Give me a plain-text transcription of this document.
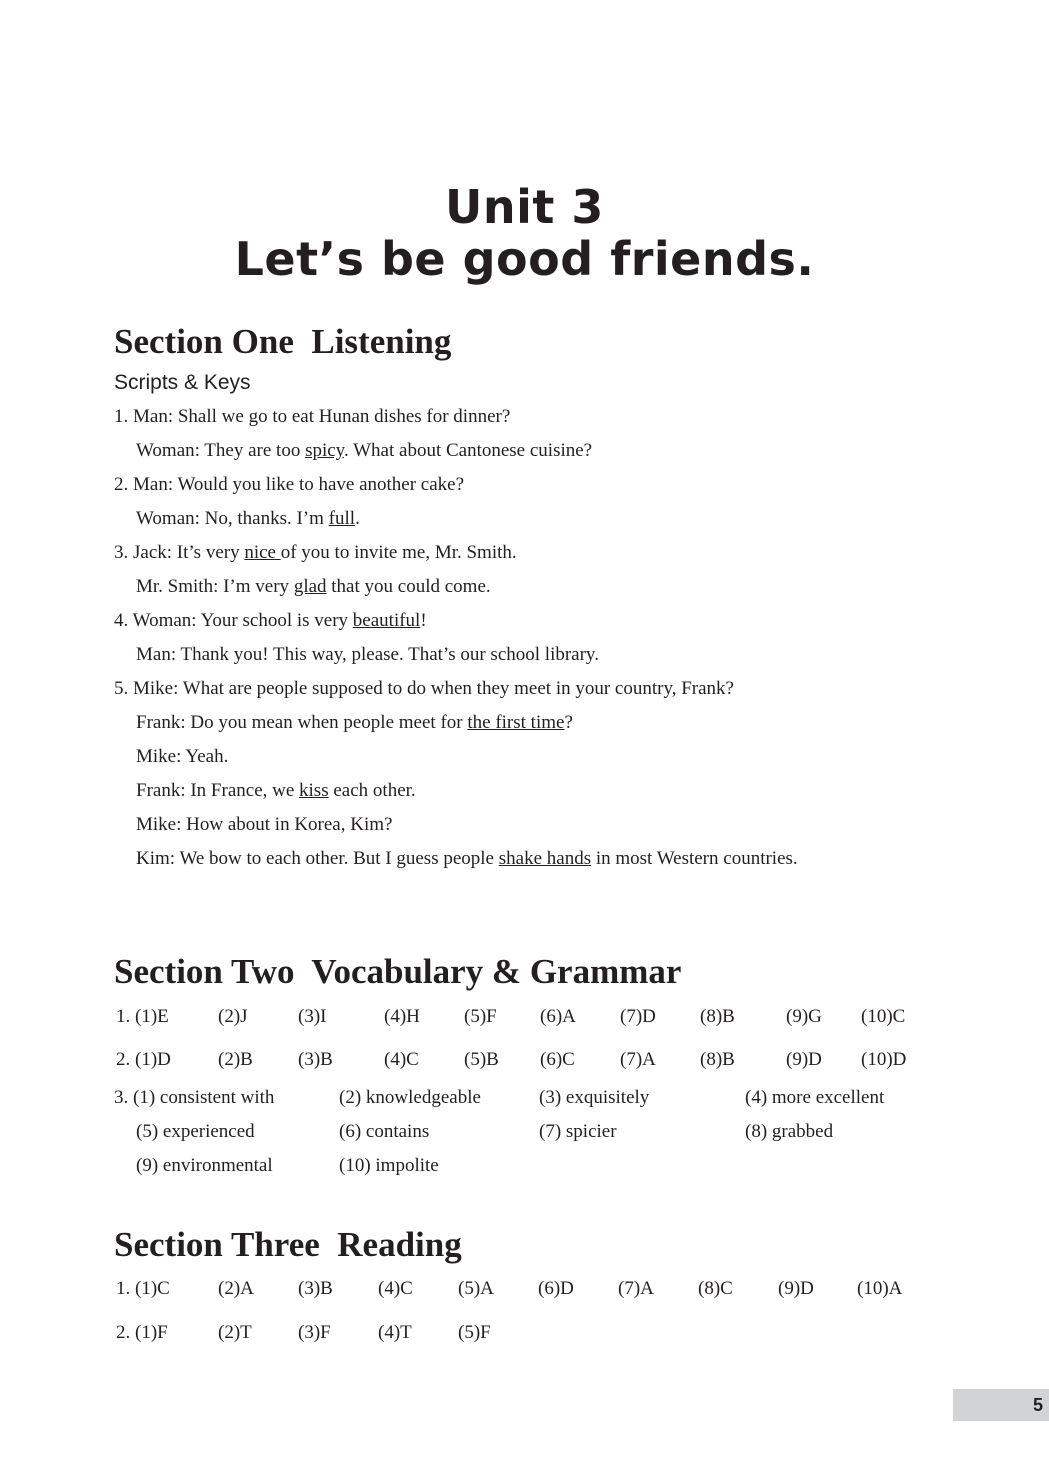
Unit 3
Let’s be good friends.
Section One  Listening
Scripts & Keys
1. Man: Shall we go to eat Hunan dishes for dinner?
Woman: They are too spicy. What about Cantonese cuisine?
2. Man: Would you like to have another cake?
Woman: No, thanks. I’m full.
3. Jack: It’s very nice of you to invite me, Mr. Smith.
Mr. Smith: I’m very glad that you could come.
4. Woman: Your school is very beautiful!
Man: Thank you! This way, please. That’s our school library.
5. Mike: What are people supposed to do when they meet in your country, Frank?
Frank: Do you mean when people meet for the first time?
Mike: Yeah.
Frank: In France, we kiss each other.
Mike: How about in Korea, Kim?
Kim: We bow to each other. But I guess people shake hands in most Western countries.
Section Two  Vocabulary & Grammar
1. (1)E	(2)J	(3)I	(4)H (5)F (6)A (7)D (8)B	(9)G (10)C
2. (1)D (2)B (3)B	(4)C (5)B (6)C (7)A (8)B	(9)D (10)D
3. (1) consistent with	(2) knowledgeable	(3) exquisitely	(4) more excellent
(5) experienced	(6) contains	(7) spicier	(8) grabbed
(9) environmental	(10) impolite
Section Three  Reading
1. (1)C	(2)A (3)B (4)C (5)A (6)D (7)A (8)C (9)D (10)A
2. (1)F	(2)T (3)F (4)T (5)F
5
